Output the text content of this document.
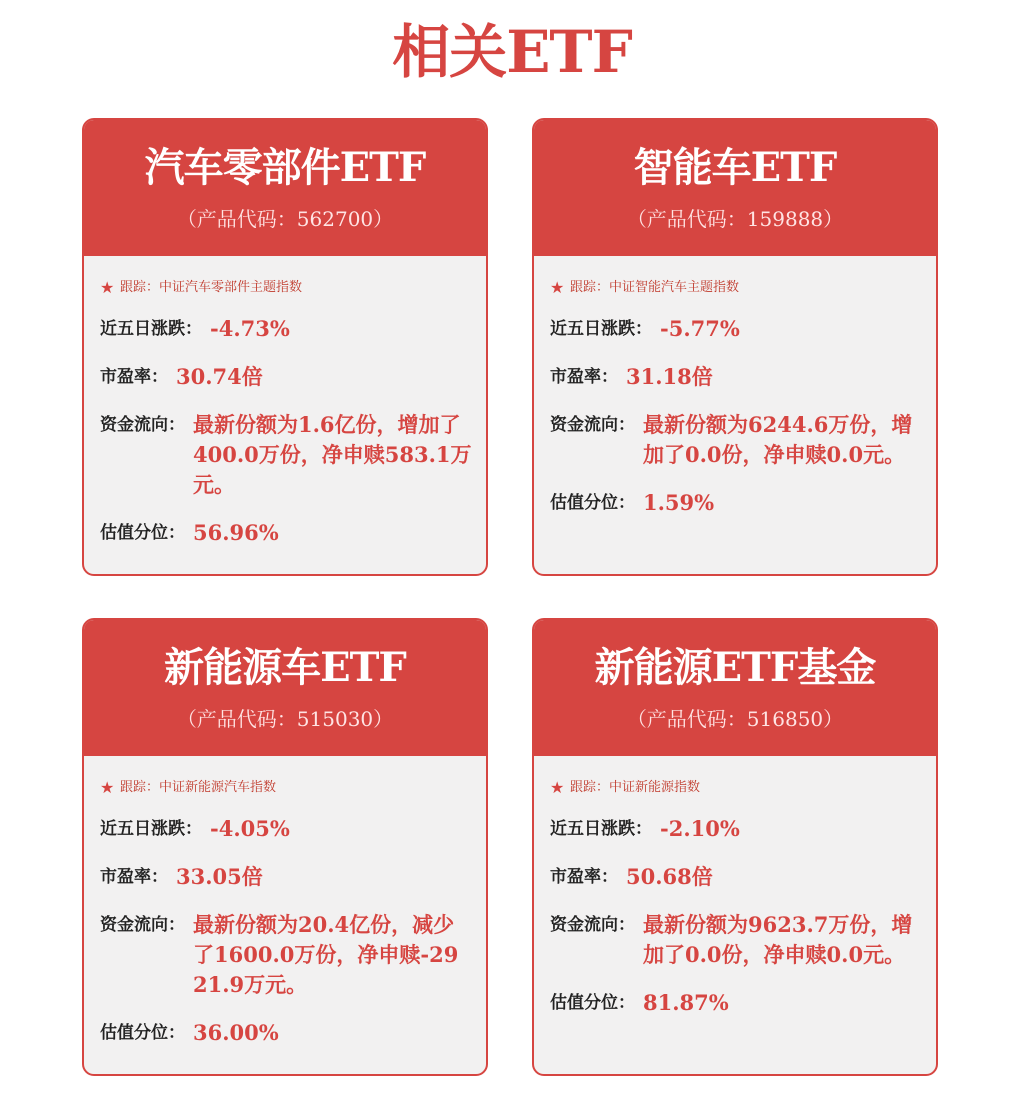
相关ETF
汽车零部件ETF
（产品代码：562700）
★ 跟踪： 中证汽车零部件主题指数
近五日涨跌： -4.73%
市盈率： 30.74倍
资金流向： 最新份额为1.6亿份，增加了400.0万份，净申赎583.1万元。
估值分位： 56.96%
智能车ETF
（产品代码：159888）
★ 跟踪： 中证智能汽车主题指数
近五日涨跌： -5.77%
市盈率： 31.18倍
资金流向： 最新份额为6244.6万份，增加了0.0份，净申赎0.0元。
估值分位： 1.59%
新能源车ETF
（产品代码：515030）
★ 跟踪： 中证新能源汽车指数
近五日涨跌： -4.05%
市盈率： 33.05倍
资金流向： 最新份额为20.4亿份，减少了1600.0万份，净申赎-2921.9万元。
估值分位： 36.00%
新能源ETF基金
（产品代码：516850）
★ 跟踪： 中证新能源指数
近五日涨跌： -2.10%
市盈率： 50.68倍
资金流向： 最新份额为9623.7万份，增加了0.0份，净申赎0.0元。
估值分位： 81.87%
